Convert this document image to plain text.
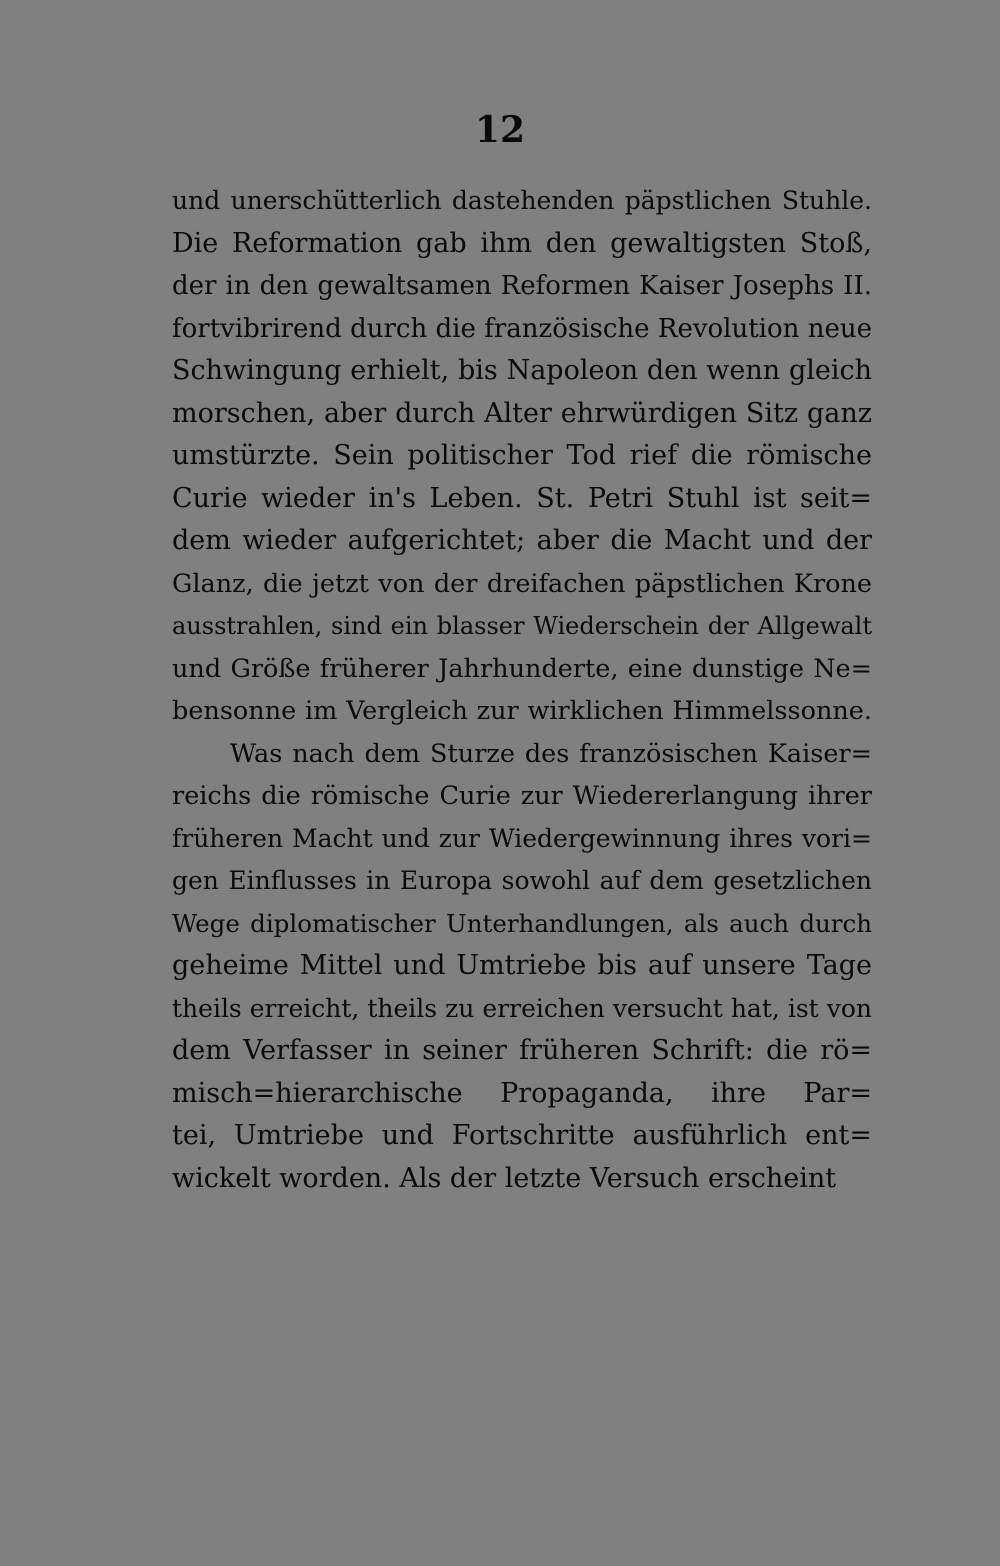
12
und unerschütterlich dastehenden päpstlichen Stuhle.
Die Reformation gab ihm den gewaltigsten Stoß,
der in den gewaltsamen Reformen Kaiser Josephs II.
fortvibrirend durch die französische Revolution neue
Schwingung erhielt, bis Napoleon den wenn gleich
morschen, aber durch Alter ehrwürdigen Sitz ganz
umstürzte. Sein politischer Tod rief die römische
Curie wieder in's Leben. St. Petri Stuhl ist seit=
dem wieder aufgerichtet; aber die Macht und der
Glanz, die jetzt von der dreifachen päpstlichen Krone
ausstrahlen, sind ein blasser Wiederschein der Allgewalt
und Größe früherer Jahrhunderte, eine dunstige Ne=
bensonne im Vergleich zur wirklichen Himmelssonne.
Was nach dem Sturze des französischen Kaiser=
reichs die römische Curie zur Wiedererlangung ihrer
früheren Macht und zur Wiedergewinnung ihres vori=
gen Einflusses in Europa sowohl auf dem gesetzlichen
Wege diplomatischer Unterhandlungen, als auch durch
geheime Mittel und Umtriebe bis auf unsere Tage
theils erreicht, theils zu erreichen versucht hat, ist von
dem Verfasser in seiner früheren Schrift: die rö=
misch=hierarchische Propaganda, ihre Par=
tei, Umtriebe und Fortschritte ausführlich ent=
wickelt worden. Als der letzte Versuch erscheint
